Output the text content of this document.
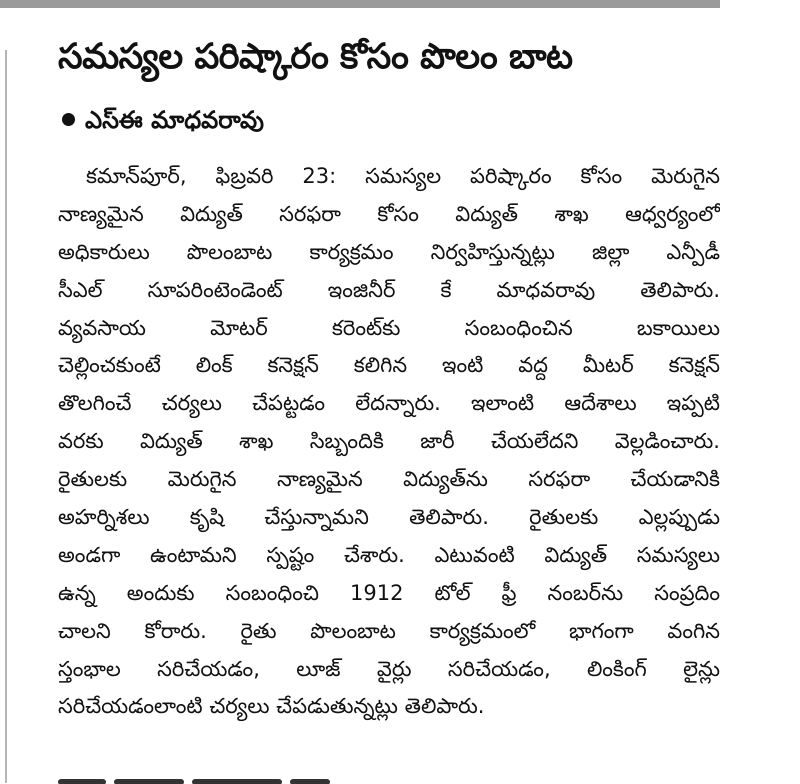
సమస్యల పరిష్కారం కోసం పొలం బాట
ఎస్ఈ మాధవరావు
కమాన్‌పూర్, ఫిబ్రవరి 23: సమస్యల పరిష్కారం కోసం మెరుగైన
నాణ్యమైన విద్యుత్ సరఫరా కోసం విద్యుత్ శాఖ ఆధ్వర్యంలో
అధికారులు పొలంబాట కార్యక్రమం నిర్వహిస్తున్నట్లు జిల్లా ఎన్పీడీ
సీఎల్ సూపరింటెండెంట్ ఇంజినీర్ కే మాధవరావు తెలిపారు.
వ్యవసాయ మోటర్ కరెంట్‌కు సంబంధించిన బకాయిలు
చెల్లించకుంటే లింక్ కనెక్షన్ కలిగిన ఇంటి వద్ద మీటర్ కనెక్షన్
తొలగించే చర్యలు చేపట్టడం లేదన్నారు. ఇలాంటి ఆదేశాలు ఇప్పటి
వరకు విద్యుత్ శాఖ సిబ్బందికి జారీ చేయలేదని వెల్లడించారు.
రైతులకు మెరుగైన నాణ్యమైన విద్యుత్‌ను సరఫరా చేయడానికి
అహర్నిశలు కృషి చేస్తున్నామని తెలిపారు. రైతులకు ఎల్లప్పుడు
అండగా ఉంటామని స్పష్టం చేశారు. ఎటువంటి విద్యుత్ సమస్యలు
ఉన్న అందుకు సంబంధించి 1912 టోల్ ఫ్రీ నంబర్‌ను సంప్రదిం
చాలని కోరారు. రైతు పొలంబాట కార్యక్రమంలో భాగంగా వంగిన
స్తంభాల సరిచేయడం, లూజ్ వైర్లు సరిచేయడం, లింకింగ్ లైన్లు
సరిచేయడంలాంటి చర్యలు చేపడుతున్నట్లు తెలిపారు.
